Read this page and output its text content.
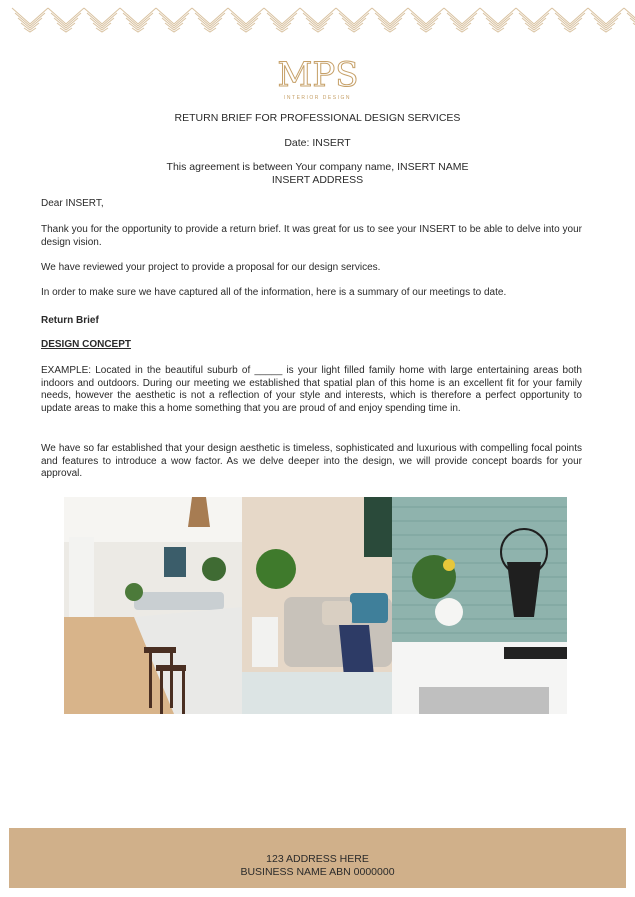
MPS
INTERIOR DESIGN
RETURN BRIEF FOR PROFESSIONAL DESIGN SERVICES
Date: INSERT
This agreement is between Your company name, INSERT NAME
INSERT ADDRESS

Dear INSERT,

Thank you for the opportunity to provide a return brief. It was great for us to see your INSERT to be able to delve into your design vision.

We have reviewed your project to provide a proposal for our design services.

In order to make sure we have captured all of the information, here is a summary of our meetings to date.

Return Brief

DESIGN CONCEPT

EXAMPLE: Located in the beautiful suburb of _____ is your light filled family home with large entertaining areas both indoors and outdoors. During our meeting we established that spatial plan of this home is an excellent fit for your family needs, however the aesthetic is not a reflection of your style and interests, which is therefore a perfect opportunity to update areas to make this a home something that you are proud of and enjoy spending time in.

We have so far established that your design aesthetic is timeless, sophisticated and luxurious with compelling focal points and features to introduce a wow factor. As we delve deeper into the design, we will provide concept boards for your approval.

123 ADDRESS HERE
BUSINESS NAME ABN 0000000
